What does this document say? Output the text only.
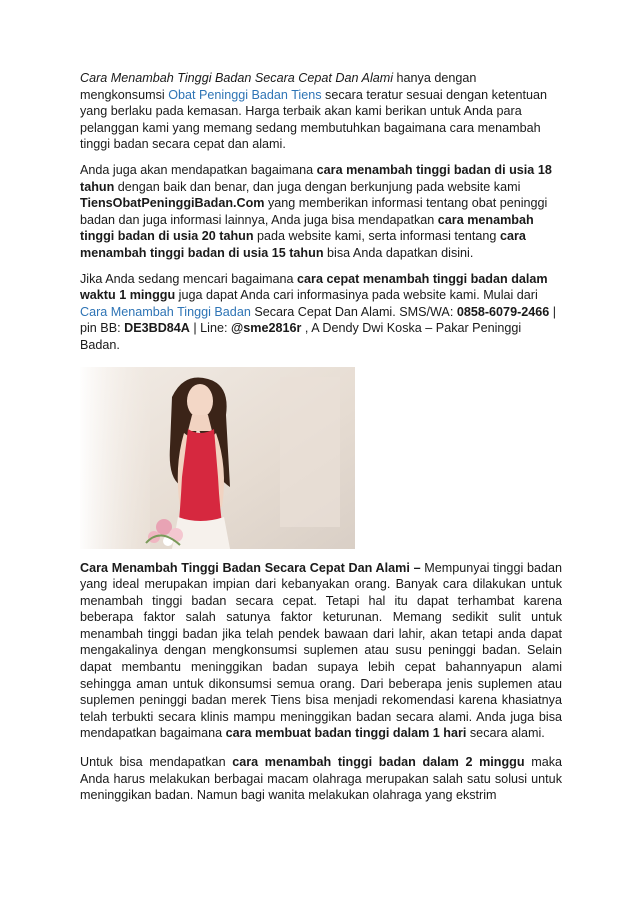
Cara Menambah Tinggi Badan Secara Cepat Dan Alami hanya dengan mengkonsumsi Obat Peninggi Badan Tiens secara teratur sesuai dengan ketentuan yang berlaku pada kemasan. Harga terbaik akan kami berikan untuk Anda para pelanggan kami yang memang sedang membutuhkan bagaimana cara menambah tinggi badan secara cepat dan alami.

Anda juga akan mendapatkan bagaimana cara menambah tinggi badan di usia 18 tahun dengan baik dan benar, dan juga dengan berkunjung pada website kami TiensObatPeninggiBadan.Com yang memberikan informasi tentang obat peninggi badan dan juga informasi lainnya, Anda juga bisa mendapatkan cara menambah tinggi badan di usia 20 tahun pada website kami, serta informasi tentang cara menambah tinggi badan di usia 15 tahun bisa Anda dapatkan disini.

Jika Anda sedang mencari bagaimana cara cepat menambah tinggi badan dalam waktu 1 minggu juga dapat Anda cari informasinya pada website kami. Mulai dari Cara Menambah Tinggi Badan Secara Cepat Dan Alami. SMS/WA: 0858-6079-2466 | pin BB: DE3BD84A | Line: @sme2816r , A Dendy Dwi Koska – Pakar Peninggi Badan.

Cara Menambah Tinggi Badan Secara Cepat Dan Alami – Mempunyai tinggi badan yang ideal merupakan impian dari kebanyakan orang. Banyak cara dilakukan untuk menambah tinggi badan secara cepat. Tetapi hal itu dapat terhambat karena beberapa faktor salah satunya faktor keturunan. Memang sedikit sulit untuk menambah tinggi badan jika telah pendek bawaan dari lahir, akan tetapi anda dapat mengakalinya dengan mengkonsumsi suplemen atau susu peninggi badan. Selain dapat membantu meninggikan badan supaya lebih cepat bahannyapun alami sehingga aman untuk dikonsumsi semua orang. Dari beberapa jenis suplemen atau suplemen peninggi badan merek Tiens bisa menjadi rekomendasi karena khasiatnya telah terbukti secara klinis mampu meninggikan badan secara alami. Anda juga bisa mendapatkan bagaimana cara membuat badan tinggi dalam 1 hari secara alami.

Untuk bisa mendapatkan cara menambah tinggi badan dalam 2 minggu maka Anda harus melakukan berbagai macam olahraga merupakan salah satu solusi untuk meninggikan badan. Namun bagi wanita melakukan olahraga yang ekstrim
